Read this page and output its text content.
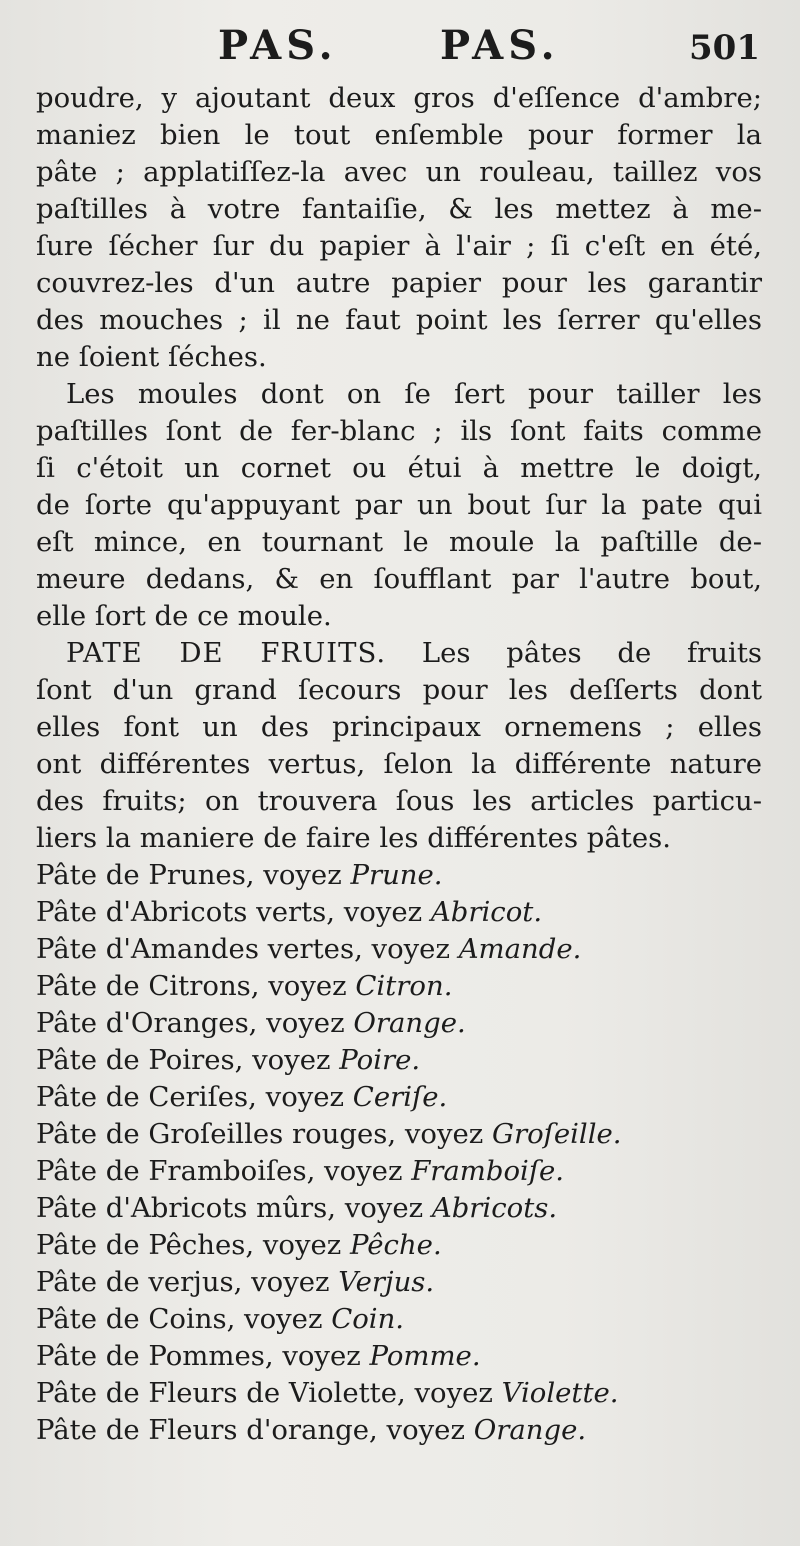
PAS.	PAS.	501

poudre, y ajoutant deux gros d'eſſence d'ambre;

maniez bien le tout enſemble pour former la

pâte ; applatiſſez-la avec un rouleau, taillez vos

paſtilles à votre fantaiſie, & les mettez à me-

ſure ſécher ſur du papier à l'air ; ſi c'eſt en été,

couvrez-les d'un autre papier pour les garantir

des mouches ; il ne faut point les ſerrer qu'elles

ne ſoient ſéches.

Les moules dont on ſe ſert pour tailler les

paſtilles ſont de fer-blanc ; ils ſont faits comme

ſi c'étoit un cornet ou étui à mettre le doigt,

de ſorte qu'appuyant par un bout ſur la pate qui

eſt mince, en tournant le moule la paſtille de-

meure dedans, & en ſoufflant par l'autre bout,

elle ſort de ce moule.

PATE DE FRUITS. Les pâtes de fruits

ſont d'un grand ſecours pour les deſſerts dont

elles font un des principaux ornemens ; elles

ont différentes vertus, ſelon la différente nature

des fruits; on trouvera ſous les articles particu-

liers la maniere de faire les différentes pâtes.

Pâte de Prunes, voyez Prune.
Pâte d'Abricots verts, voyez Abricot.
Pâte d'Amandes vertes, voyez Amande.
Pâte de Citrons, voyez Citron.
Pâte d'Oranges, voyez Orange.
Pâte de Poires, voyez Poire.
Pâte de Ceriſes, voyez Ceriſe.
Pâte de Groſeilles rouges, voyez Groſeille.
Pâte de Framboiſes, voyez Framboiſe.
Pâte d'Abricots mûrs, voyez Abricots.
Pâte de Pêches, voyez Pêche.
Pâte de verjus, voyez Verjus.
Pâte de Coins, voyez Coin.
Pâte de Pommes, voyez Pomme.
Pâte de Fleurs de Violette, voyez Violette.
Pâte de Fleurs d'orange, voyez Orange.
